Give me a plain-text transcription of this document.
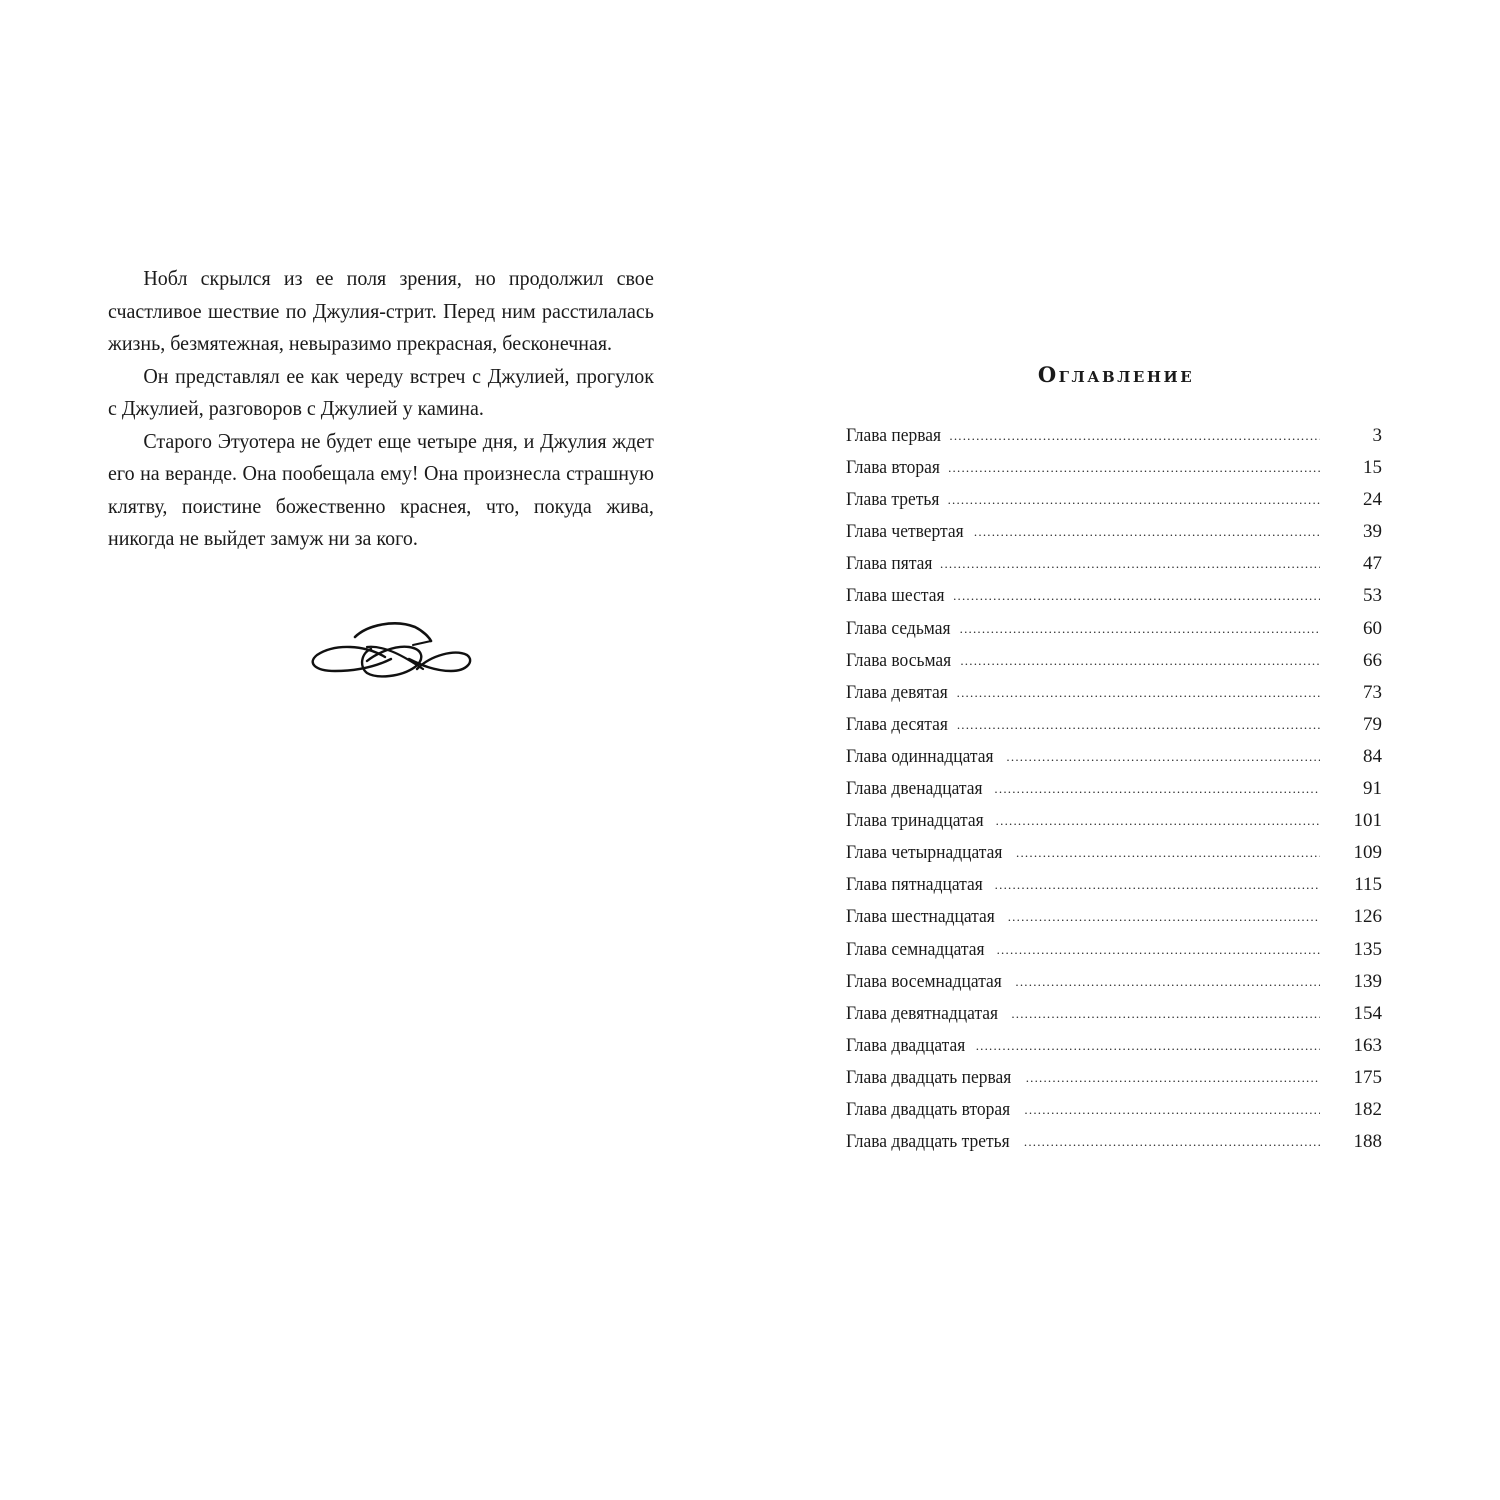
Нобл скрылся из ее поля зрения, но продолжил свое счастливое шествие по Джулия-стрит. Перед ним расстилалась жизнь, безмятежная, невыразимо прекрасная, бесконечная.

Он представлял ее как череду встреч с Джулией, прогулок с Джулией, разговоров с Джулией у камина.

Старого Этуотера не будет еще четыре дня, и Джулия ждет его на веранде. Она пообещала ему! Она произнесла страшную клятву, поистине божественно краснея, что, покуда жива, никогда не выйдет замуж ни за кого.

Оглавление
Глава первая .....	3
Глава вторая .....	15
Глава третья .....	24
Глава четвертая .....	39
Глава пятая .....	47
Глава шестая .....	53
Глава седьмая .....	60
Глава восьмая .....	66
Глава девятая .....	73
Глава десятая .....	79
Глава одиннадцатая .....	84
Глава двенадцатая .....	91
Глава тринадцатая .....	101
Глава четырнадцатая .....	109
Глава пятнадцатая .....	115
Глава шестнадцатая .....	126
Глава семнадцатая .....	135
Глава восемнадцатая .....	139
Глава девятнадцатая .....	154
Глава двадцатая .....	163
Глава двадцать первая .....	175
Глава двадцать вторая .....	182
Глава двадцать третья .....	188
